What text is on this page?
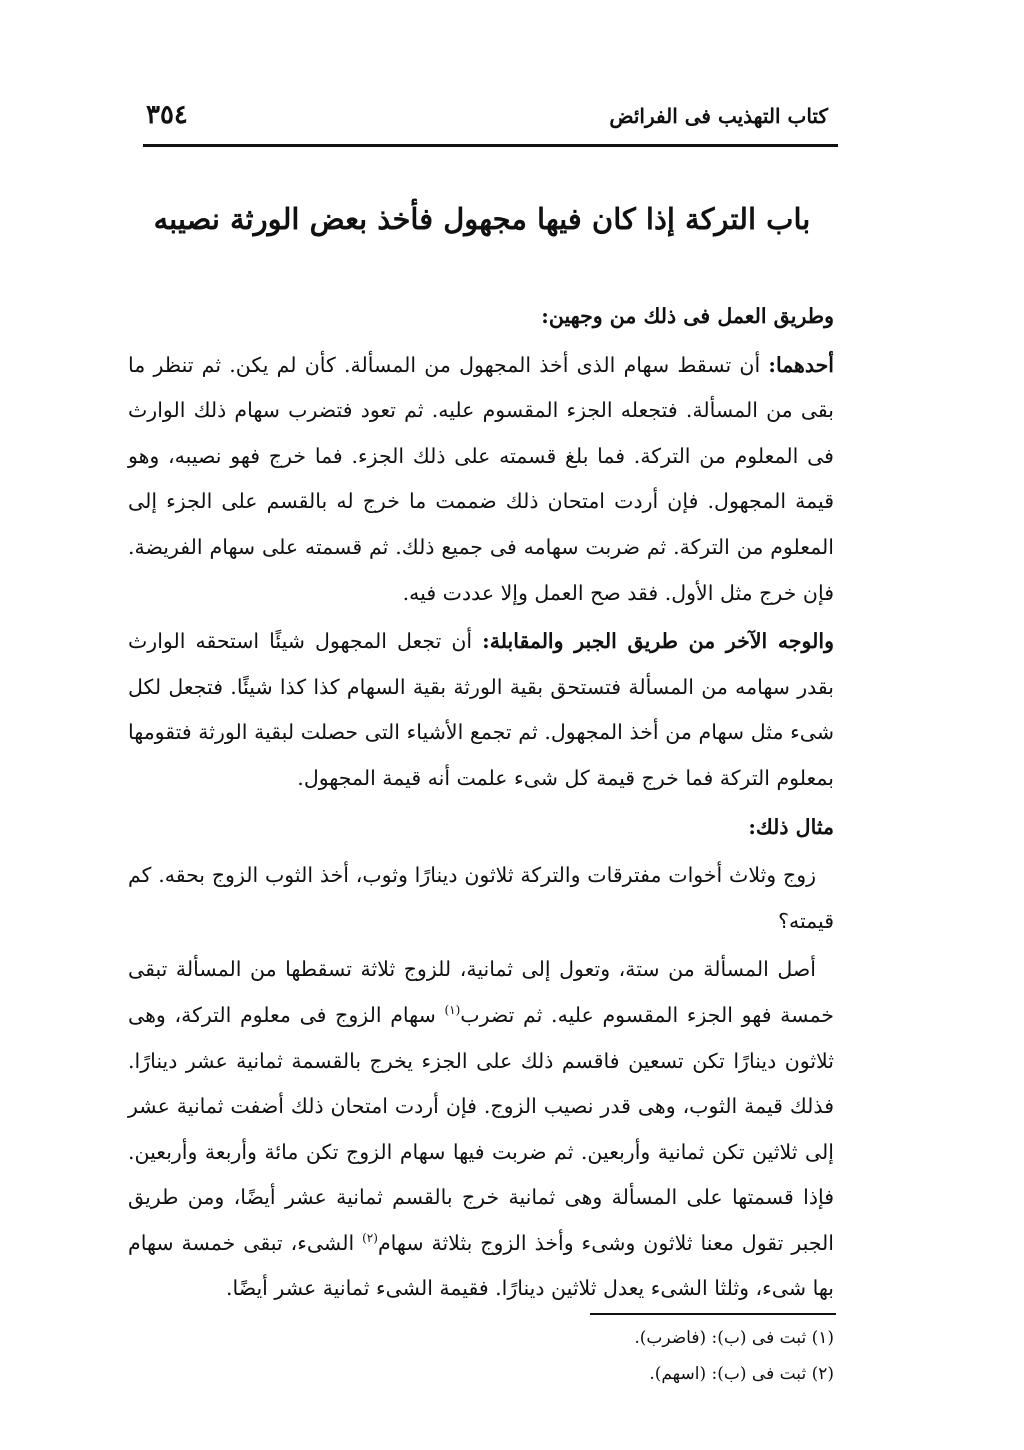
كتاب التهذيب فى الفرائض
٣٥٤
باب التركة إذا كان فيها مجهول فأخذ بعض الورثة نصيبه

وطريق العمل فى ذلك من وجهين:

أحدهما: أن تسقط سهام الذى أخذ المجهول من المسألة. كأن لم يكن. ثم تنظر ما بقى من المسألة. فتجعله الجزء المقسوم عليه. ثم تعود فتضرب سهام ذلك الوارث فى المعلوم من التركة. فما بلغ قسمته على ذلك الجزء. فما خرج فهو نصيبه، وهو قيمة المجهول. فإن أردت امتحان ذلك ضممت ما خرج له بالقسم على الجزء إلى المعلوم من التركة. ثم ضربت سهامه فى جميع ذلك. ثم قسمته على سهام الفريضة. فإن خرج مثل الأول. فقد صح العمل وإلا عددت فيه.

والوجه الآخر من طريق الجبر والمقابلة: أن تجعل المجهول شيئًا استحقه الوارث بقدر سهامه من المسألة فتستحق بقية الورثة بقية السهام كذا كذا شيئًا. فتجعل لكل شىء مثل سهام من أخذ المجهول. ثم تجمع الأشياء التى حصلت لبقية الورثة فتقومها بمعلوم التركة فما خرج قيمة كل شىء علمت أنه قيمة المجهول.

مثال ذلك:

زوج وثلاث أخوات مفترقات والتركة ثلاثون دينارًا وثوب، أخذ الثوب الزوج بحقه. كم قيمته؟

أصل المسألة من ستة، وتعول إلى ثمانية، للزوج ثلاثة تسقطها من المسألة تبقى خمسة فهو الجزء المقسوم عليه. ثم تضرب$^{(١)}$ سهام الزوج فى معلوم التركة، وهى ثلاثون دينارًا تكن تسعين فاقسم ذلك على الجزء يخرج بالقسمة ثمانية عشر دينارًا. فذلك قيمة الثوب، وهى قدر نصيب الزوج. فإن أردت امتحان ذلك أضفت ثمانية عشر إلى ثلاثين تكن ثمانية وأربعين. ثم ضربت فيها سهام الزوج تكن مائة وأربعة وأربعين. فإذا قسمتها على المسألة وهى ثمانية خرج بالقسم ثمانية عشر أيضًا، ومن طريق الجبر تقول معنا ثلاثون وشىء وأخذ الزوج بثلاثة سهام$^{(٢)}$ الشىء، تبقى خمسة سهام بها شىء، وثلثا الشىء يعدل ثلاثين دينارًا. فقيمة الشىء ثمانية عشر أيضًا.

(١) ثبت فى (ب): (فاضرب).
(٢) ثبت فى (ب): (اسهم).
